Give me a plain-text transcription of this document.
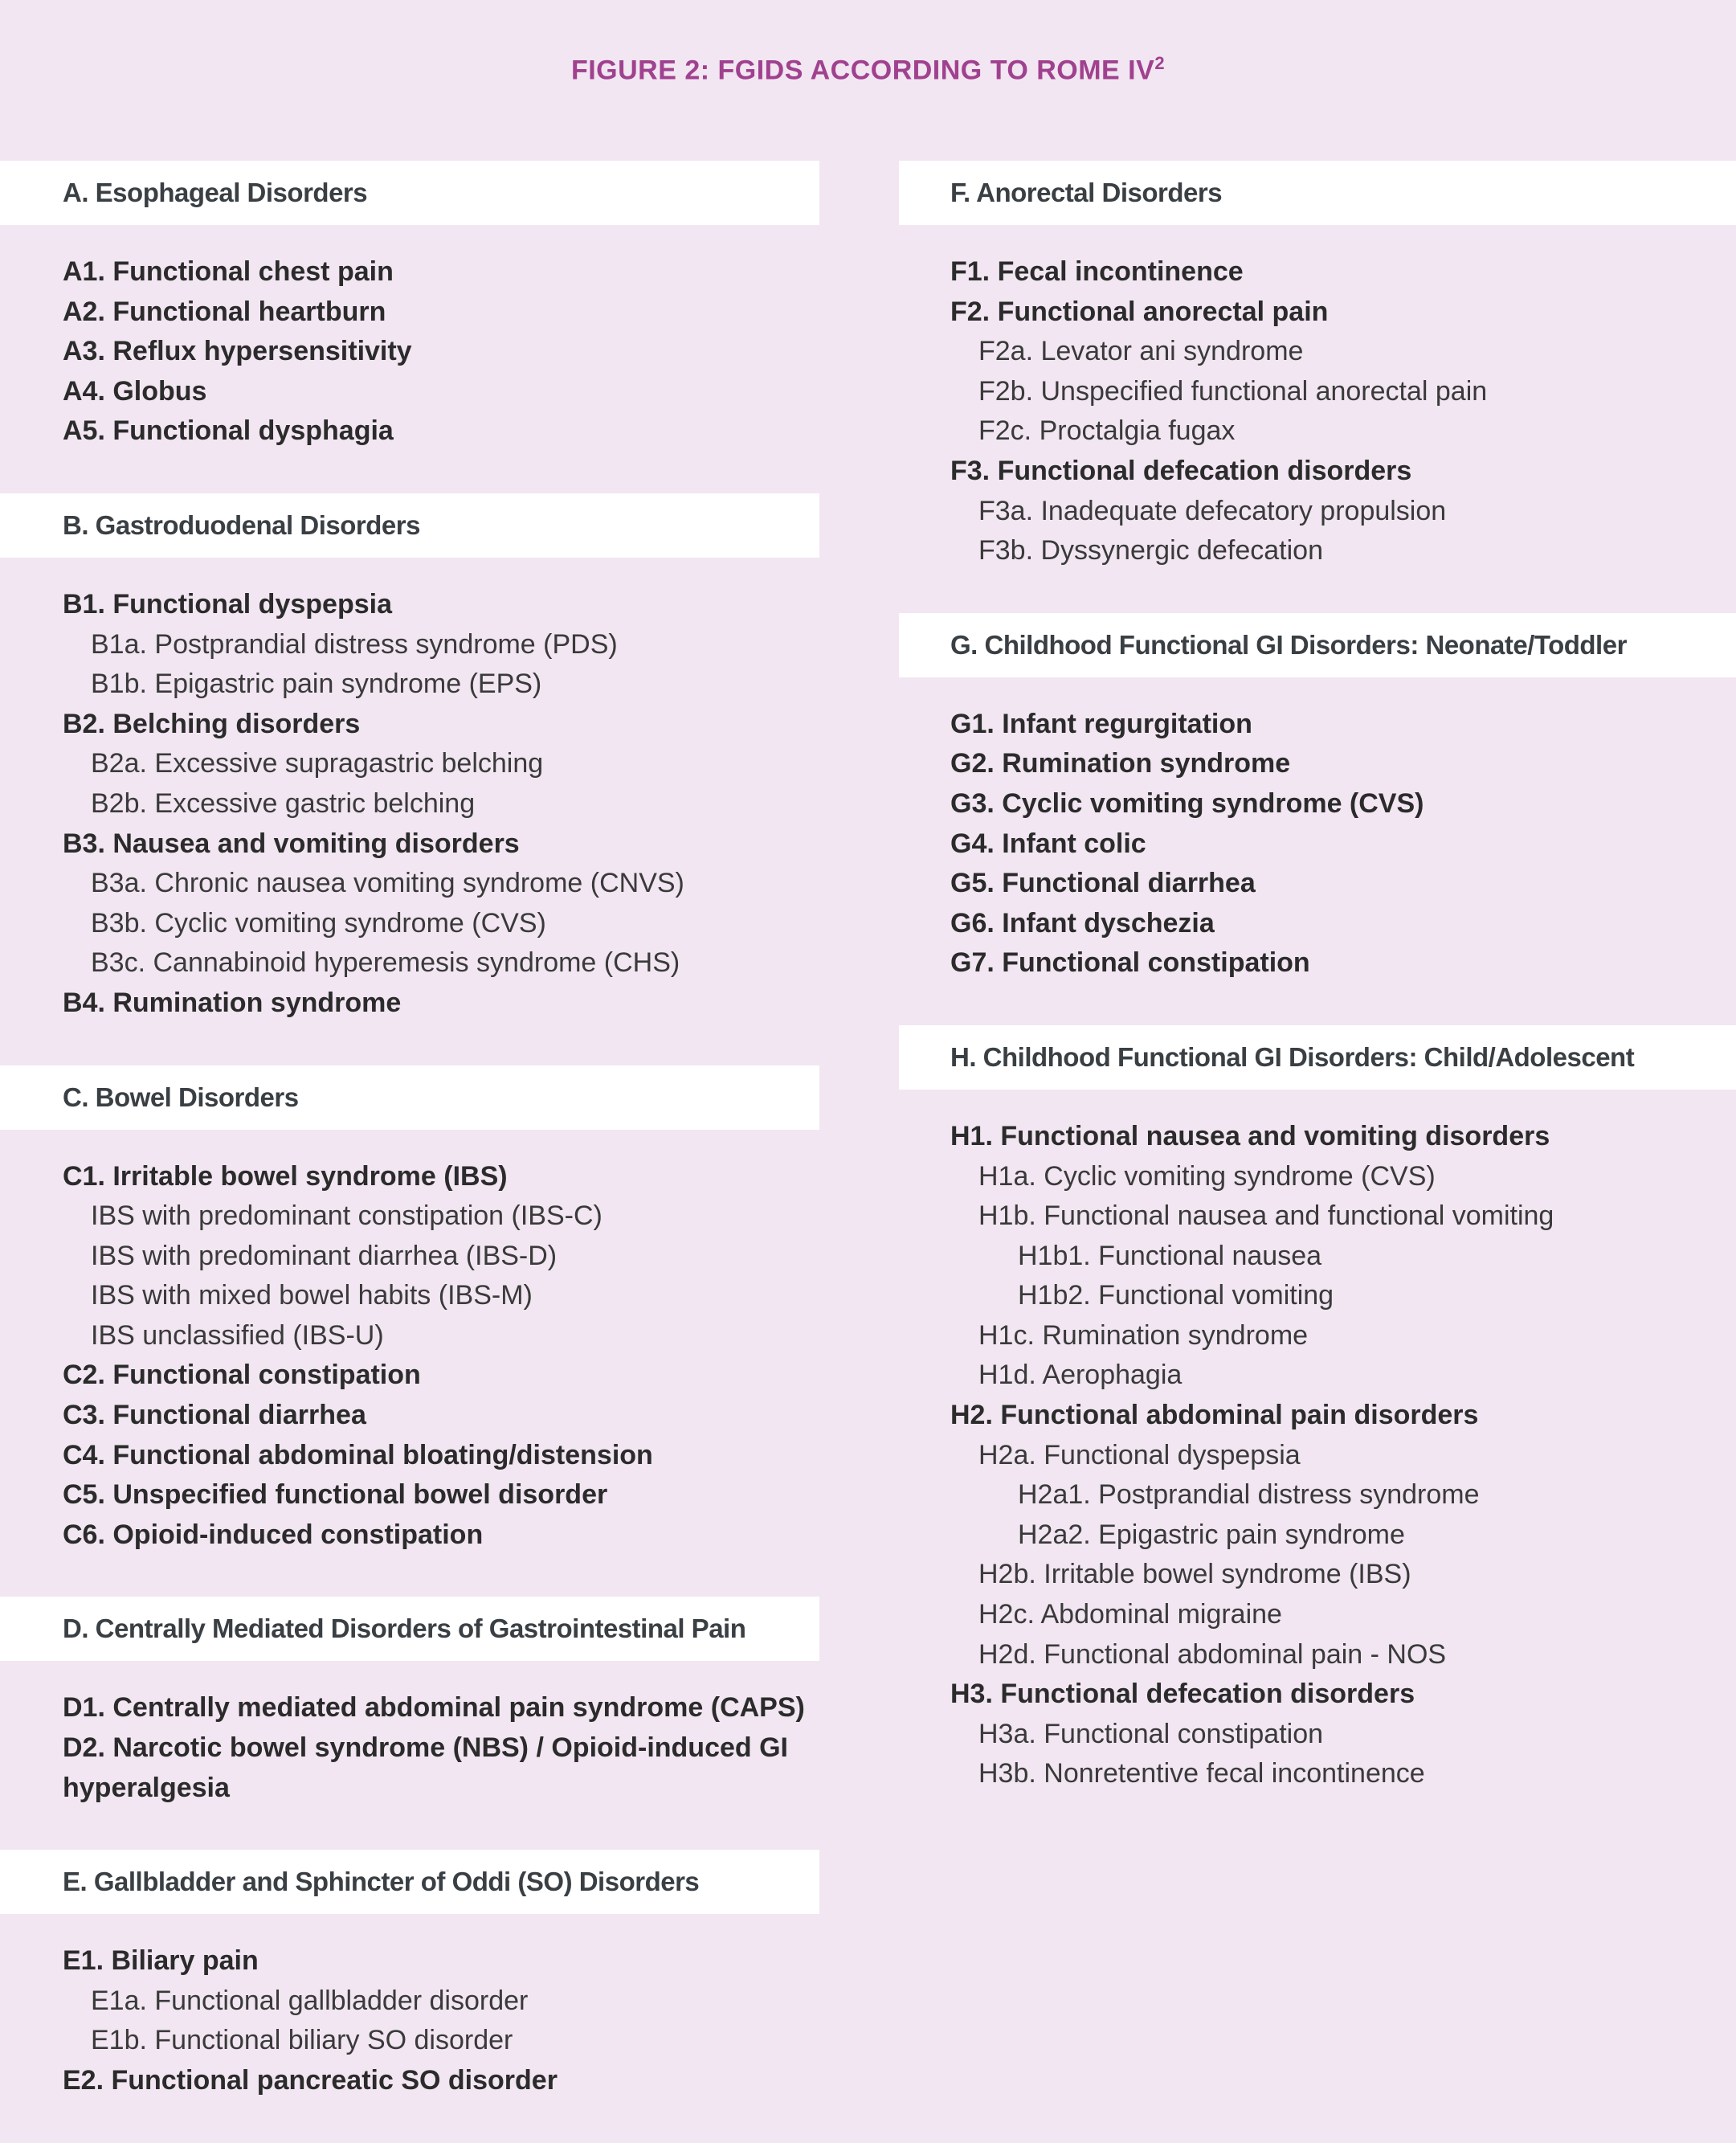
FIGURE 2: FGIDS ACCORDING TO ROME $IV^2$
A. Esophageal Disorders
A1. Functional chest pain
A2. Functional heartburn
A3. Reflux hypersensitivity
A4. Globus
A5. Functional dysphagia
B. Gastroduodenal Disorders
B1. Functional dyspepsia
B1a. Postprandial distress syndrome (PDS)
B1b. Epigastric pain syndrome (EPS)
B2. Belching disorders
B2a. Excessive supragastric belching
B2b. Excessive gastric belching
B3. Nausea and vomiting disorders
B3a. Chronic nausea vomiting syndrome (CNVS)
B3b. Cyclic vomiting syndrome (CVS)
B3c. Cannabinoid hyperemesis syndrome (CHS)
B4. Rumination syndrome
C. Bowel Disorders
C1. Irritable bowel syndrome (IBS)
IBS with predominant constipation (IBS-C)
IBS with predominant diarrhea (IBS-D)
IBS with mixed bowel habits (IBS-M)
IBS unclassified (IBS-U)
C2. Functional constipation
C3. Functional diarrhea
C4. Functional abdominal bloating/distension
C5. Unspecified functional bowel disorder
C6. Opioid-induced constipation
D. Centrally Mediated Disorders of Gastrointestinal Pain
D1. Centrally mediated abdominal pain syndrome (CAPS)
D2. Narcotic bowel syndrome (NBS) / Opioid-induced GI hyperalgesia
E. Gallbladder and Sphincter of Oddi (SO) Disorders
E1. Biliary pain
E1a. Functional gallbladder disorder
E1b. Functional biliary SO disorder
E2. Functional pancreatic SO disorder
F. Anorectal Disorders
F1. Fecal incontinence
F2. Functional anorectal pain
F2a. Levator ani syndrome
F2b. Unspecified functional anorectal pain
F2c. Proctalgia fugax
F3. Functional defecation disorders
F3a. Inadequate defecatory propulsion
F3b. Dyssynergic defecation
G. Childhood Functional GI Disorders: Neonate/Toddler
G1. Infant regurgitation
G2. Rumination syndrome
G3. Cyclic vomiting syndrome (CVS)
G4. Infant colic
G5. Functional diarrhea
G6. Infant dyschezia
G7. Functional constipation
H. Childhood Functional GI Disorders: Child/Adolescent
H1. Functional nausea and vomiting disorders
H1a. Cyclic vomiting syndrome (CVS)
H1b. Functional nausea and functional vomiting
H1b1. Functional nausea
H1b2. Functional vomiting
H1c. Rumination syndrome
H1d. Aerophagia
H2. Functional abdominal pain disorders
H2a. Functional dyspepsia
H2a1. Postprandial distress syndrome
H2a2. Epigastric pain syndrome
H2b. Irritable bowel syndrome (IBS)
H2c. Abdominal migraine
H2d. Functional abdominal pain - NOS
H3. Functional defecation disorders
H3a. Functional constipation
H3b. Nonretentive fecal incontinence
